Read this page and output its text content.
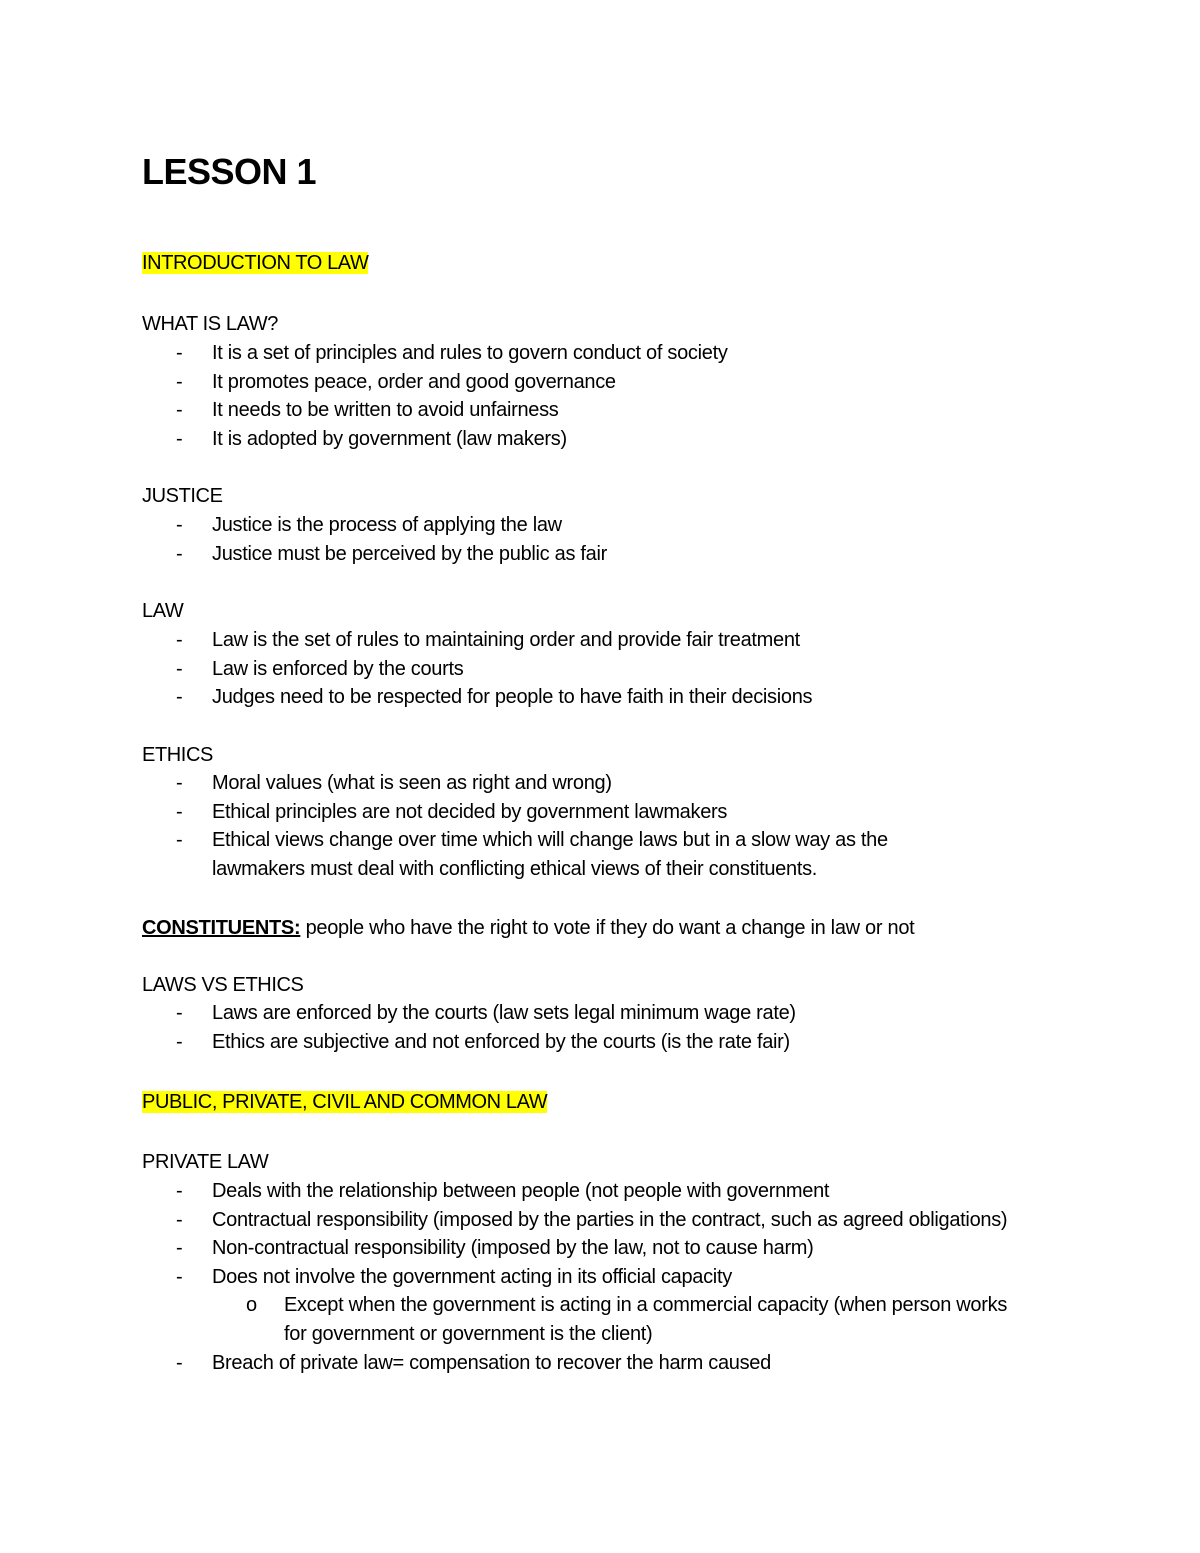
LESSON 1
INTRODUCTION TO LAW
WHAT IS LAW?
- It is a set of principles and rules to govern conduct of society
- It promotes peace, order and good governance
- It needs to be written to avoid unfairness
- It is adopted by government (law makers)
JUSTICE
- Justice is the process of applying the law
- Justice must be perceived by the public as fair
LAW
- Law is the set of rules to maintaining order and provide fair treatment
- Law is enforced by the courts
- Judges need to be respected for people to have faith in their decisions
ETHICS
- Moral values (what is seen as right and wrong)
- Ethical principles are not decided by government lawmakers
- Ethical views change over time which will change laws but in a slow way as the lawmakers must deal with conflicting ethical views of their constituents.
CONSTITUENTS: people who have the right to vote if they do want a change in law or not
LAWS VS ETHICS
- Laws are enforced by the courts (law sets legal minimum wage rate)
- Ethics are subjective and not enforced by the courts (is the rate fair)
PUBLIC, PRIVATE, CIVIL AND COMMON LAW
PRIVATE LAW
- Deals with the relationship between people (not people with government
- Contractual responsibility (imposed by the parties in the contract, such as agreed obligations)
- Non-contractual responsibility (imposed by the law, not to cause harm)
- Does not involve the government acting in its official capacity
o Except when the government is acting in a commercial capacity (when person works for government or government is the client)
- Breach of private law= compensation to recover the harm caused
